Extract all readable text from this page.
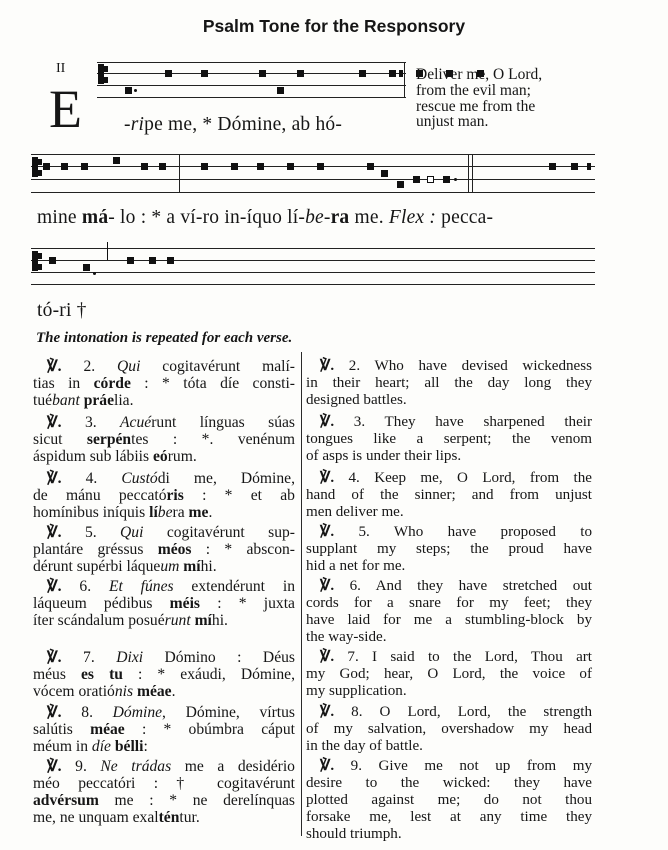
Psalm Tone for the Responsory
II
E -ripe me, * Dómine, ab hó-
Deliver me, O Lord,
from the evil man;
rescue me from the
unjust man.
mine má- lo : * a ví-ro in-íquo lí-be-ra me. Flex : pecca-
tó-ri †
The intonation is repeated for each verse.
℣. 2. Qui cogitavérunt malí-
tias in córde : * tóta díe consti-
tuébant práelia.
℣. 3. Acuérunt línguas súas
sicut serpéntes : *. venénum
áspidum sub lábiis eórum.
℣. 4. Custódi me, Dómine,
de mánu peccatóris : * et ab
homínibus iníquis líbera me.
℣. 5. Qui cogitavérunt sup-
plantáre gréssus méos : * abscon-
dérunt supérbi láqueum míhi.
℣. 6. Et fúnes extendérunt in
láqueum pédibus méis : * juxta
íter scándalum posuérunt míhi.
℣. 7. Dixi Dómino : Déus
méus es tu : * exáudi, Dómine,
vócem oratiónis méae.
℣. 8. Dómine, Dómine, vírtus
salútis méae : * obúmbra cáput
méum in díe bélli:
℣. 9. Ne trádas me a desidério
méo peccatóri : † cogitavérunt
advérsum me : * ne derelínquas
me, ne unquam exalténtur.
℣. 2. Who have devised wickedness
in their heart; all the day long they
designed battles.
℣. 3. They have sharpened their
tongues like a serpent; the venom
of asps is under their lips.
℣. 4. Keep me, O Lord, from the
hand of the sinner; and from unjust
men deliver me.
℣. 5. Who have proposed to
supplant my steps; the proud have
hid a net for me.
℣. 6. And they have stretched out
cords for a snare for my feet; they
have laid for me a stumbling-block by
the way-side.
℣. 7. I said to the Lord, Thou art
my God; hear, O Lord, the voice of
my supplication.
℣. 8. O Lord, Lord, the strength
of my salvation, overshadow my head
in the day of battle.
℣. 9. Give me not up from my
desire to the wicked: they have
plotted against me; do not thou
forsake me, lest at any time they
should triumph.
